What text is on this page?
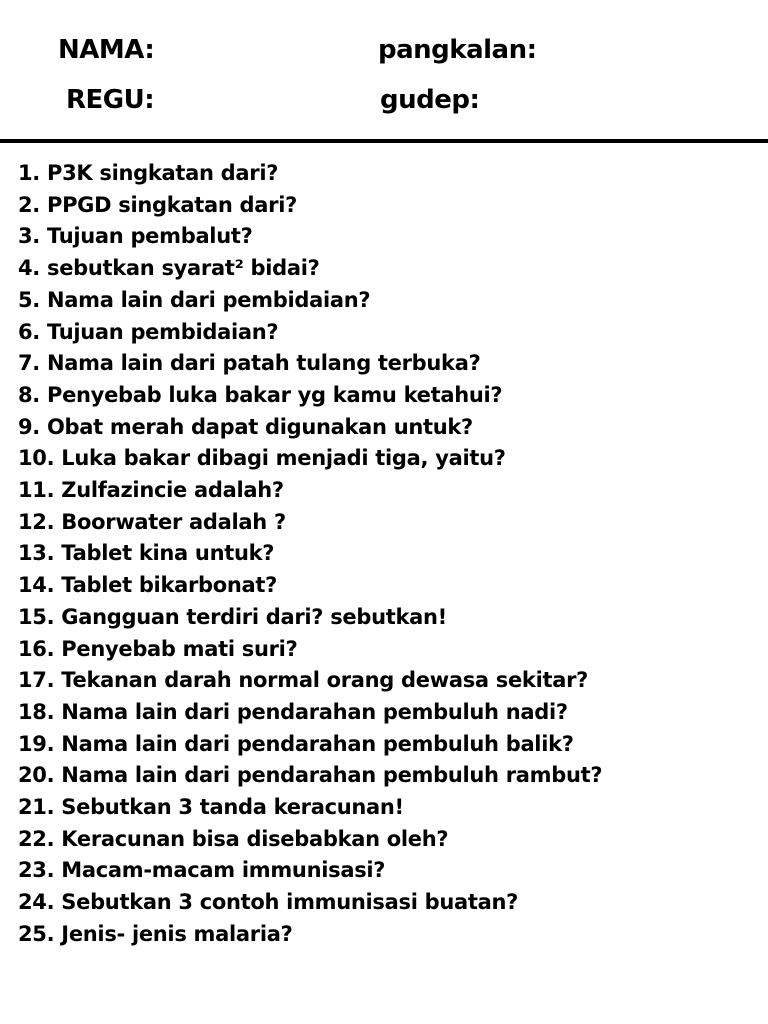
NAMA:
REGU:
pangkalan:
gudep:
1. P3K singkatan dari?
2. PPGD singkatan dari?
3. Tujuan pembalut?
4. sebutkan syarat² bidai?
5. Nama lain dari pembidaian?
6. Tujuan pembidaian?
7. Nama lain dari patah tulang terbuka?
8. Penyebab luka bakar yg kamu ketahui?
9. Obat merah dapat digunakan untuk?
10. Luka bakar dibagi menjadi tiga, yaitu?
11. Zulfazincie adalah?
12. Boorwater adalah ?
13. Tablet kina untuk?
14. Tablet bikarbonat?
15. Gangguan terdiri dari? sebutkan!
16. Penyebab mati suri?
17. Tekanan darah normal orang dewasa sekitar?
18. Nama lain dari pendarahan pembuluh nadi?
19. Nama lain dari pendarahan pembuluh balik?
20. Nama lain dari pendarahan pembuluh rambut?
21. Sebutkan 3 tanda keracunan!
22. Keracunan bisa disebabkan oleh?
23. Macam-macam immunisasi?
24. Sebutkan 3 contoh immunisasi buatan?
25. Jenis- jenis malaria?
